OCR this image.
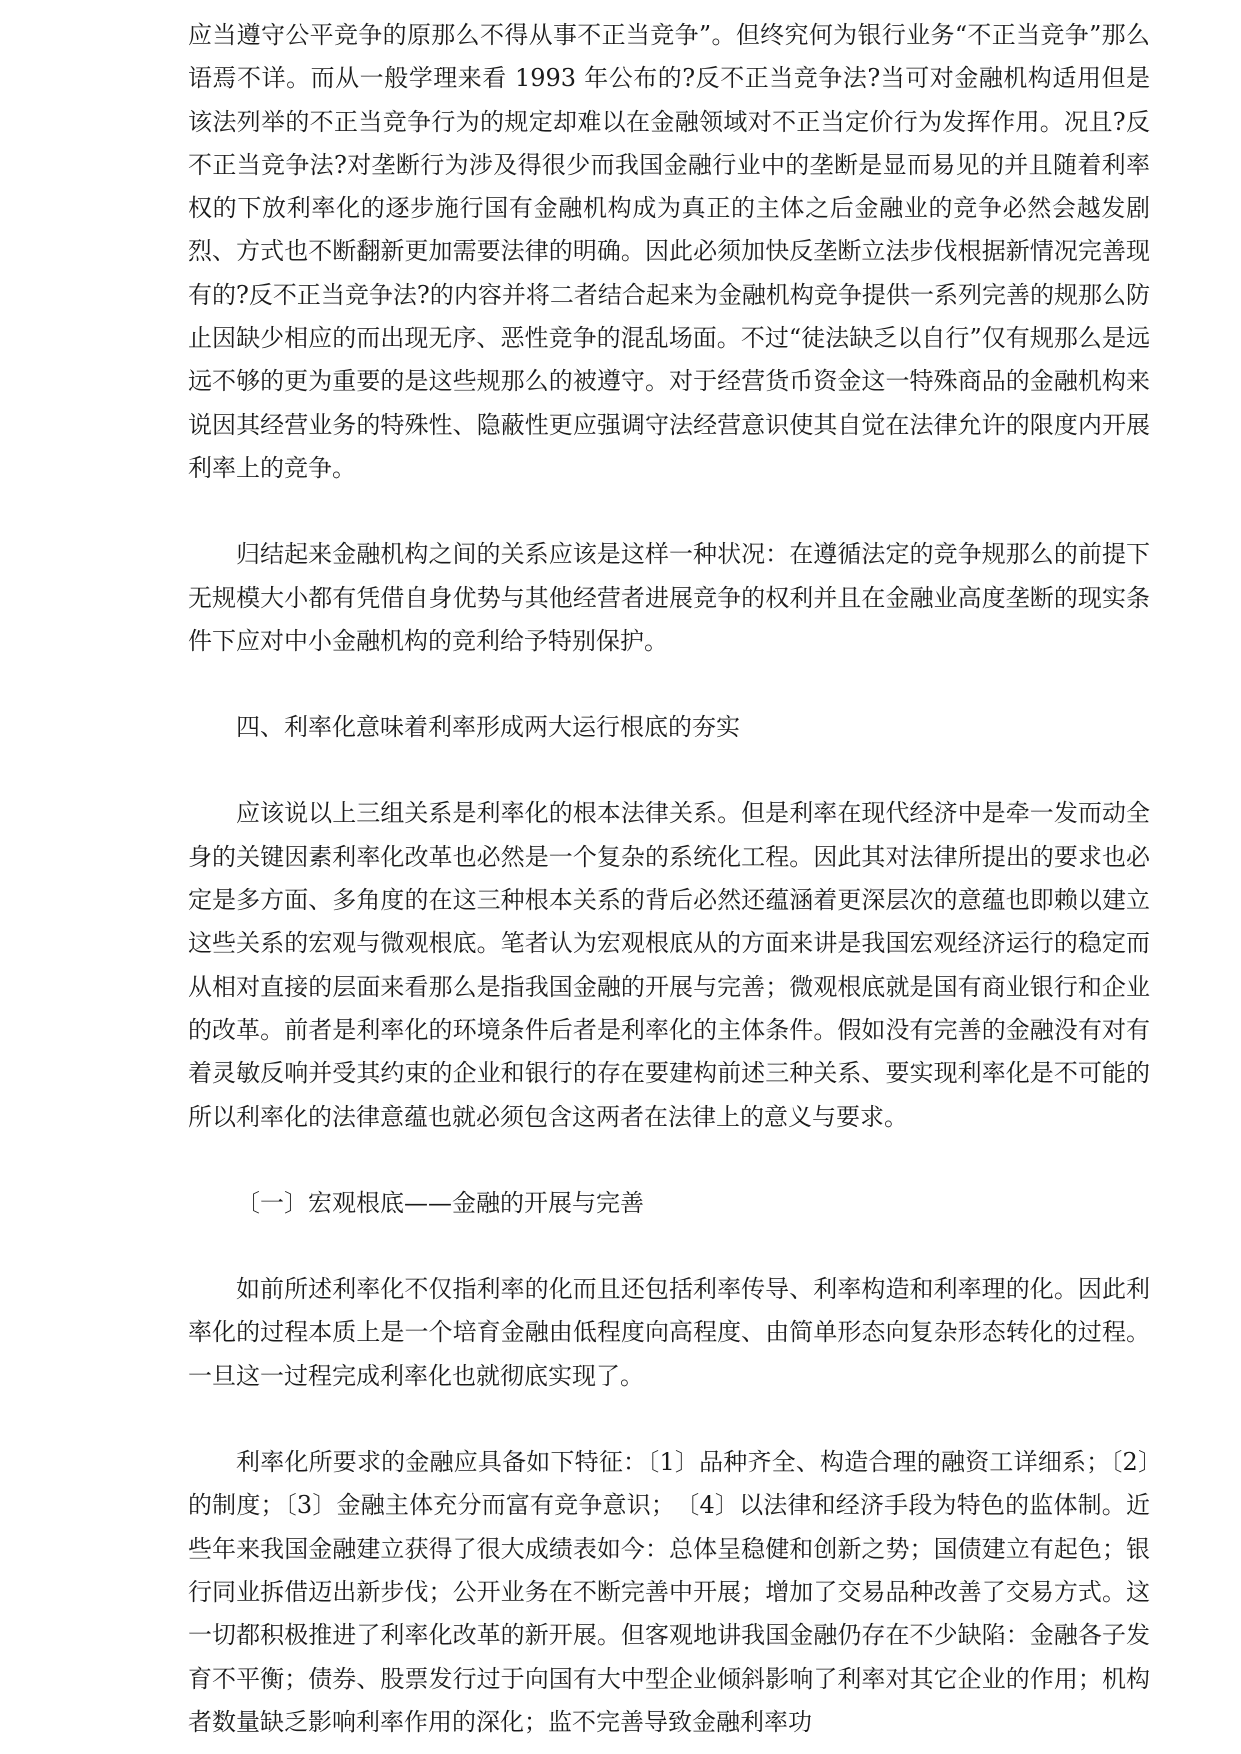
应当遵守公平竞争的原那么不得从事不正当竞争”。但终究何为银行业务“不正当竞争”那么语焉不详。而从一般学理来看 1993 年公布的?反不正当竞争法?当可对金融机构适用但是该法列举的不正当竞争行为的规定却难以在金融领域对不正当定价行为发挥作用。况且?反不正当竞争法?对垄断行为涉及得很少而我国金融行业中的垄断是显而易见的并且随着利率权的下放利率化的逐步施行国有金融机构成为真正的主体之后金融业的竞争必然会越发剧烈、方式也不断翻新更加需要法律的明确。因此必须加快反垄断立法步伐根据新情况完善现有的?反不正当竞争法?的内容并将二者结合起来为金融机构竞争提供一系列完善的规那么防止因缺少相应的而出现无序、恶性竞争的混乱场面。不过“徒法缺乏以自行”仅有规那么是远远不够的更为重要的是这些规那么的被遵守。对于经营货币资金这一特殊商品的金融机构来说因其经营业务的特殊性、隐蔽性更应强调守法经营意识使其自觉在法律允许的限度内开展利率上的竞争。

归结起来金融机构之间的关系应该是这样一种状况：在遵循法定的竞争规那么的前提下无规模大小都有凭借自身优势与其他经营者进展竞争的权利并且在金融业高度垄断的现实条件下应对中小金融机构的竞利给予特别保护。

四、利率化意味着利率形成两大运行根底的夯实

应该说以上三组关系是利率化的根本法律关系。但是利率在现代经济中是牵一发而动全身的关键因素利率化改革也必然是一个复杂的系统化工程。因此其对法律所提出的要求也必定是多方面、多角度的在这三种根本关系的背后必然还蕴涵着更深层次的意蕴也即赖以建立这些关系的宏观与微观根底。笔者认为宏观根底从的方面来讲是我国宏观经济运行的稳定而从相对直接的层面来看那么是指我国金融的开展与完善；微观根底就是国有商业银行和企业的改革。前者是利率化的环境条件后者是利率化的主体条件。假如没有完善的金融没有对有着灵敏反响并受其约束的企业和银行的存在要建构前述三种关系、要实现利率化是不可能的所以利率化的法律意蕴也就必须包含这两者在法律上的意义与要求。

〔一〕宏观根底——金融的开展与完善

如前所述利率化不仅指利率的化而且还包括利率传导、利率构造和利率理的化。因此利率化的过程本质上是一个培育金融由低程度向高程度、由简单形态向复杂形态转化的过程。一旦这一过程完成利率化也就彻底实现了。

利率化所要求的金融应具备如下特征：〔1〕品种齐全、构造合理的融资工详细系；〔2〕的制度；〔3〕金融主体充分而富有竞争意识；　〔4〕以法律和经济手段为特色的监体制。近些年来我国金融建立获得了很大成绩表如今：总体呈稳健和创新之势；国债建立有起色；银行同业拆借迈出新步伐；公开业务在不断完善中开展；增加了交易品种改善了交易方式。这一切都积极推进了利率化改革的新开展。但客观地讲我国金融仍存在不少缺陷：金融各子发育不平衡；债券、股票发行过于向国有大中型企业倾斜影响了利率对其它企业的作用；机构者数量缺乏影响利率作用的深化；监不完善导致金融利率功
